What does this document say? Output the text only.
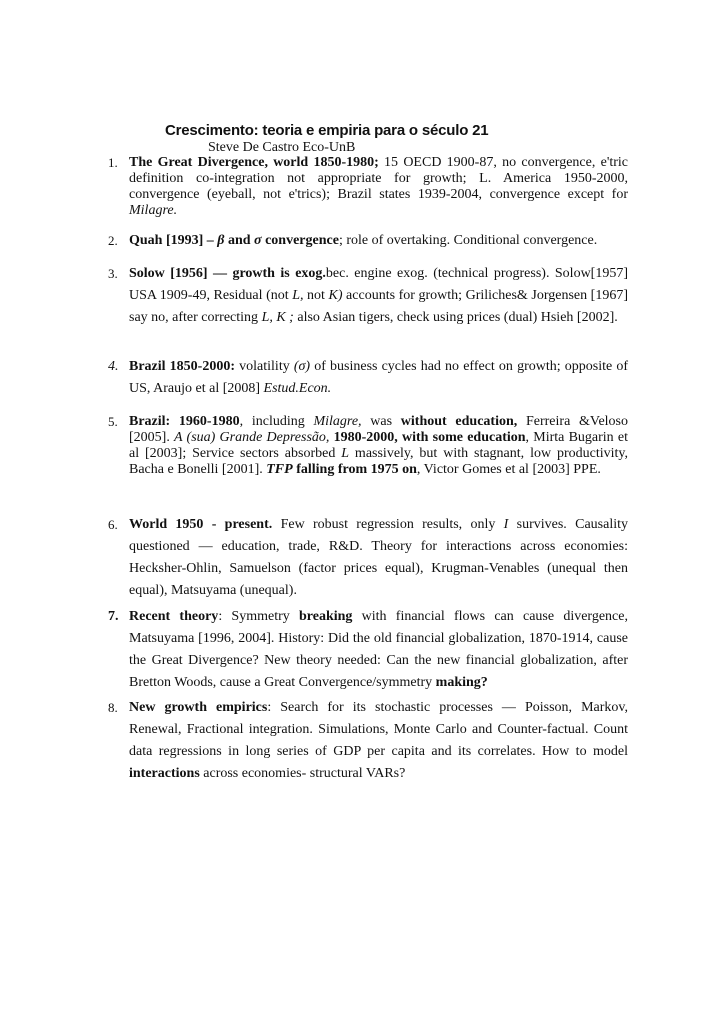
Crescimento: teoria e empiria para o século 21
Steve De Castro Eco-UnB
1. The Great Divergence, world 1850-1980; 15 OECD 1900-87, no convergence, e'tric definition co-integration not appropriate for growth; L. America 1950-2000, convergence (eyeball, not e'trics); Brazil states 1939-2004, convergence except for Milagre.
2. Quah [1993] – β and σ convergence; role of overtaking. Conditional convergence.
3. Solow [1956] — growth is exog.bec. engine exog. (technical progress). Solow[1957] USA 1909-49, Residual (not L, not K) accounts for growth; Griliches& Jorgensen [1967] say no, after correcting L, K ; also Asian tigers, check using prices (dual) Hsieh [2002].
4. Brazil 1850-2000: volatility (σ) of business cycles had no effect on growth; opposite of US, Araujo et al [2008] Estud.Econ.
5. Brazil: 1960-1980, including Milagre, was without education, Ferreira &Veloso [2005]. A (sua) Grande Depressão, 1980-2000, with some education, Mirta Bugarin et al [2003]; Service sectors absorbed L massively, but with stagnant, low productivity, Bacha e Bonelli [2001]. TFP falling from 1975 on, Victor Gomes et al [2003] PPE.
6. World 1950 - present. Few robust regression results, only I survives. Causality questioned — education, trade, R&D. Theory for interactions across economies: Hecksher-Ohlin, Samuelson (factor prices equal), Krugman-Venables (unequal then equal), Matsuyama (unequal).
7. Recent theory: Symmetry breaking with financial flows can cause divergence, Matsuyama [1996, 2004]. History: Did the old financial globalization, 1870-1914, cause the Great Divergence? New theory needed: Can the new financial globalization, after Bretton Woods, cause a Great Convergence/symmetry making?
8. New growth empirics: Search for its stochastic processes — Poisson, Markov, Renewal, Fractional integration. Simulations, Monte Carlo and Counter-factual. Count data regressions in long series of GDP per capita and its correlates. How to model interactions across economies- structural VARs?
